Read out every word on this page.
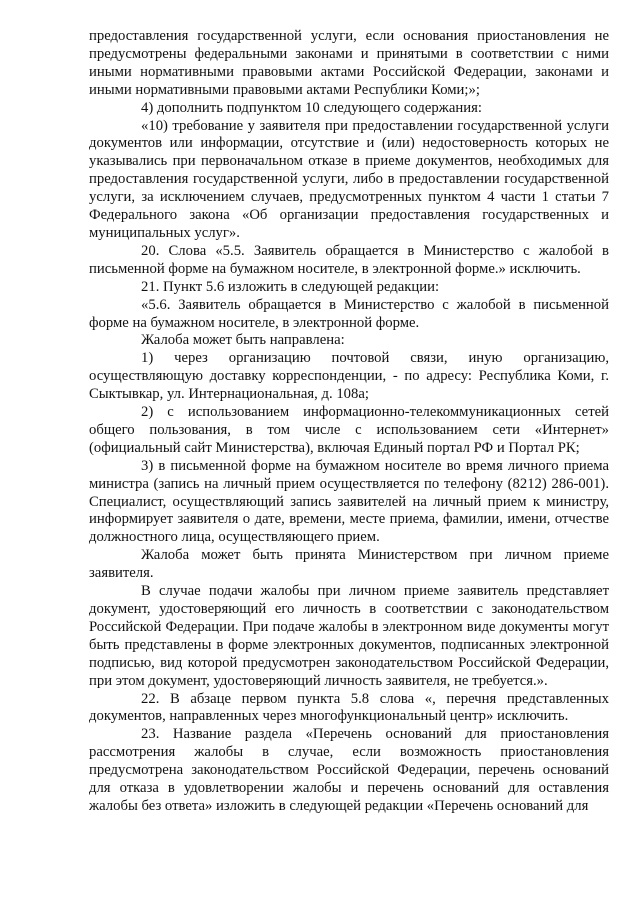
предоставления государственной услуги, если основания приостановления не предусмотрены федеральными законами и принятыми в соответствии с ними иными нормативными правовыми актами Российской Федерации, законами и иными нормативными правовыми актами Республики Коми;»;

4) дополнить подпунктом 10 следующего содержания:

«10) требование у заявителя при предоставлении государственной услуги документов или информации, отсутствие и (или) недостоверность которых не указывались при первоначальном отказе в приеме документов, необходимых для предоставления государственной услуги, либо в предоставлении государственной услуги, за исключением случаев, предусмотренных пунктом 4 части 1 статьи 7 Федерального закона «Об организации предоставления государственных и муниципальных услуг».

20. Слова «5.5. Заявитель обращается в Министерство с жалобой в письменной форме на бумажном носителе, в электронной форме.» исключить.

21. Пункт 5.6 изложить в следующей редакции:

«5.6. Заявитель обращается в Министерство с жалобой в письменной форме на бумажном носителе, в электронной форме.

Жалоба может быть направлена:

1) через организацию почтовой связи, иную организацию, осуществляющую доставку корреспонденции, - по адресу: Республика Коми, г. Сыктывкар, ул. Интернациональная, д. 108а;

2) с использованием информационно-телекоммуникационных сетей общего пользования, в том числе с использованием сети «Интернет» (официальный сайт Министерства), включая Единый портал РФ и Портал РК;

3) в письменной форме на бумажном носителе во время личного приема министра (запись на личный прием осуществляется по телефону (8212) 286-001). Специалист, осуществляющий запись заявителей на личный прием к министру, информирует заявителя о дате, времени, месте приема, фамилии, имени, отчестве должностного лица, осуществляющего прием.

Жалоба может быть принята Министерством при личном приеме заявителя.

В случае подачи жалобы при личном приеме заявитель представляет документ, удостоверяющий его личность в соответствии с законодательством Российской Федерации. При подаче жалобы в электронном виде документы могут быть представлены в форме электронных документов, подписанных электронной подписью, вид которой предусмотрен законодательством Российской Федерации, при этом документ, удостоверяющий личность заявителя, не требуется.».

22. В абзаце первом пункта 5.8 слова «, перечня представленных документов, направленных через многофункциональный центр» исключить.

23. Название раздела «Перечень оснований для приостановления рассмотрения жалобы в случае, если возможность приостановления предусмотрена законодательством Российской Федерации, перечень оснований для отказа в удовлетворении жалобы и перечень оснований для оставления жалобы без ответа» изложить в следующей редакции «Перечень оснований для
